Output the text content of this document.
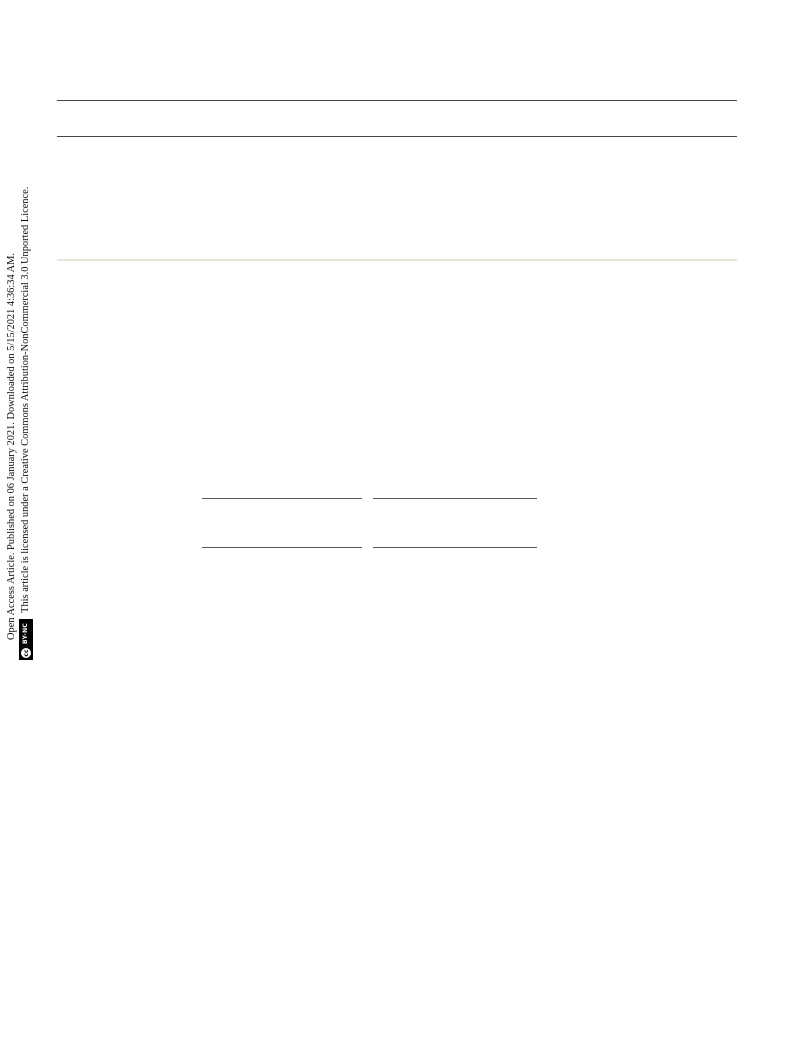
Open Access Article. Published on 06 January 2021. Downloaded on 5/15/2021 4:36:34 AM.
cc
BY-NC
This article is licensed under a Creative Commons Attribution-NonCommercial 3.0 Unported Licence.
